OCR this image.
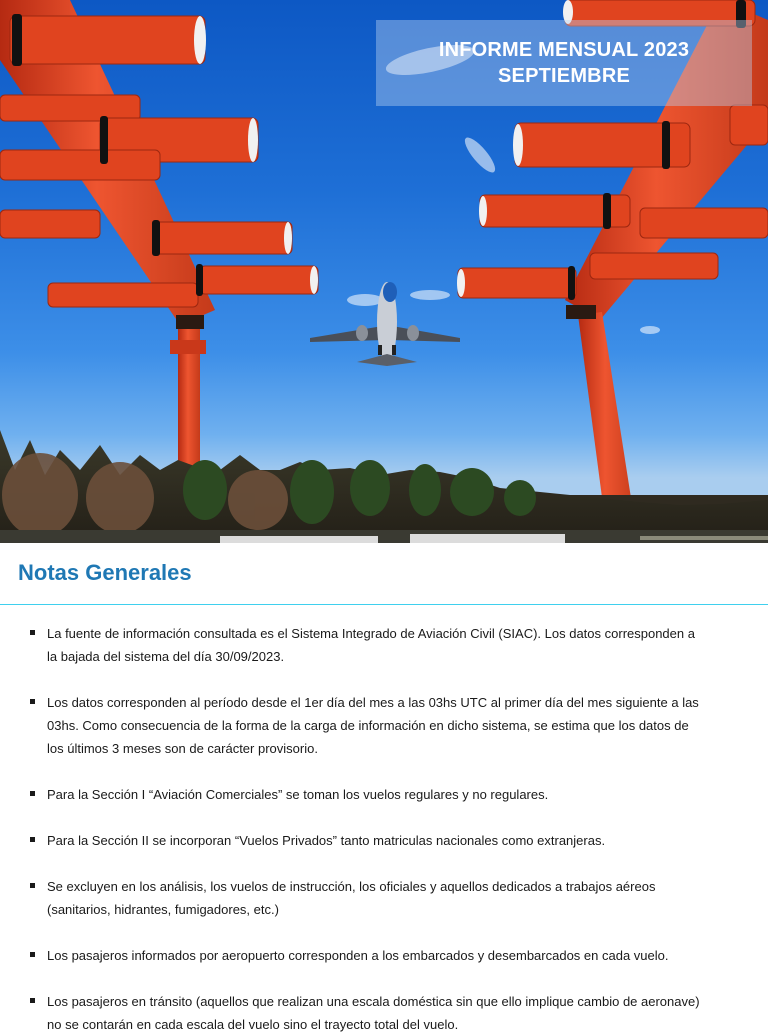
INFORME MENSUAL 2023
SEPTIEMBRE
Notas Generales
La fuente de información consultada es el Sistema Integrado de Aviación Civil (SIAC). Los datos corresponden a la bajada del sistema del día 30/09/2023.
Los datos corresponden al período desde el 1er día del mes a las 03hs UTC al primer día del mes siguiente a las 03hs. Como consecuencia de la forma de la carga de información en dicho sistema, se estima que los datos de los últimos 3 meses son de carácter provisorio.
Para la Sección I “Aviación Comerciales” se toman los vuelos regulares y no regulares.
Para la Sección II se incorporan “Vuelos Privados” tanto matriculas nacionales como extranjeras.
Se excluyen en los análisis, los vuelos de instrucción, los oficiales y aquellos dedicados a trabajos aéreos (sanitarios, hidrantes, fumigadores, etc.)
Los pasajeros informados por aeropuerto corresponden a los embarcados y desembarcados en cada vuelo.
Los pasajeros en tránsito (aquellos que realizan una escala doméstica sin que ello implique cambio de aeronave) no se contarán en cada escala del vuelo sino el trayecto total del vuelo.
